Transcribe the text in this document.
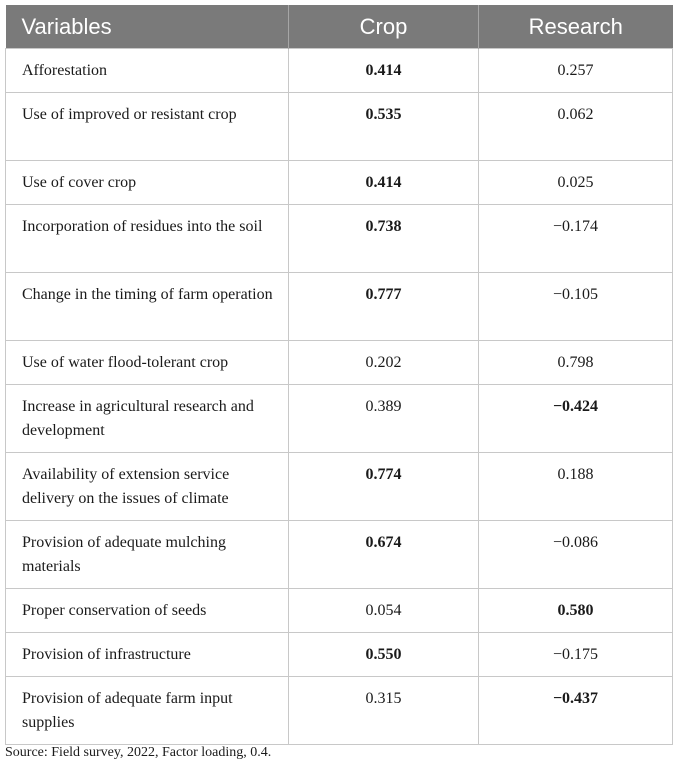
Variables	Crop	Research
Afforestation	0.414	0.257
Use of improved or resistant crop	0.535	0.062
Use of cover crop	0.414	0.025
Incorporation of residues into the soil	0.738	−0.174
Change in the timing of farm operation	0.777	−0.105
Use of water flood-tolerant crop	0.202	0.798
Increase in agricultural research and development	0.389	−0.424
Availability of extension service delivery on the issues of climate	0.774	0.188
Provision of adequate mulching materials	0.674	−0.086
Proper conservation of seeds	0.054	0.580
Provision of infrastructure	0.550	−0.175
Provision of adequate farm input supplies	0.315	−0.437
Source: Field survey, 2022, Factor loading, 0.4.
